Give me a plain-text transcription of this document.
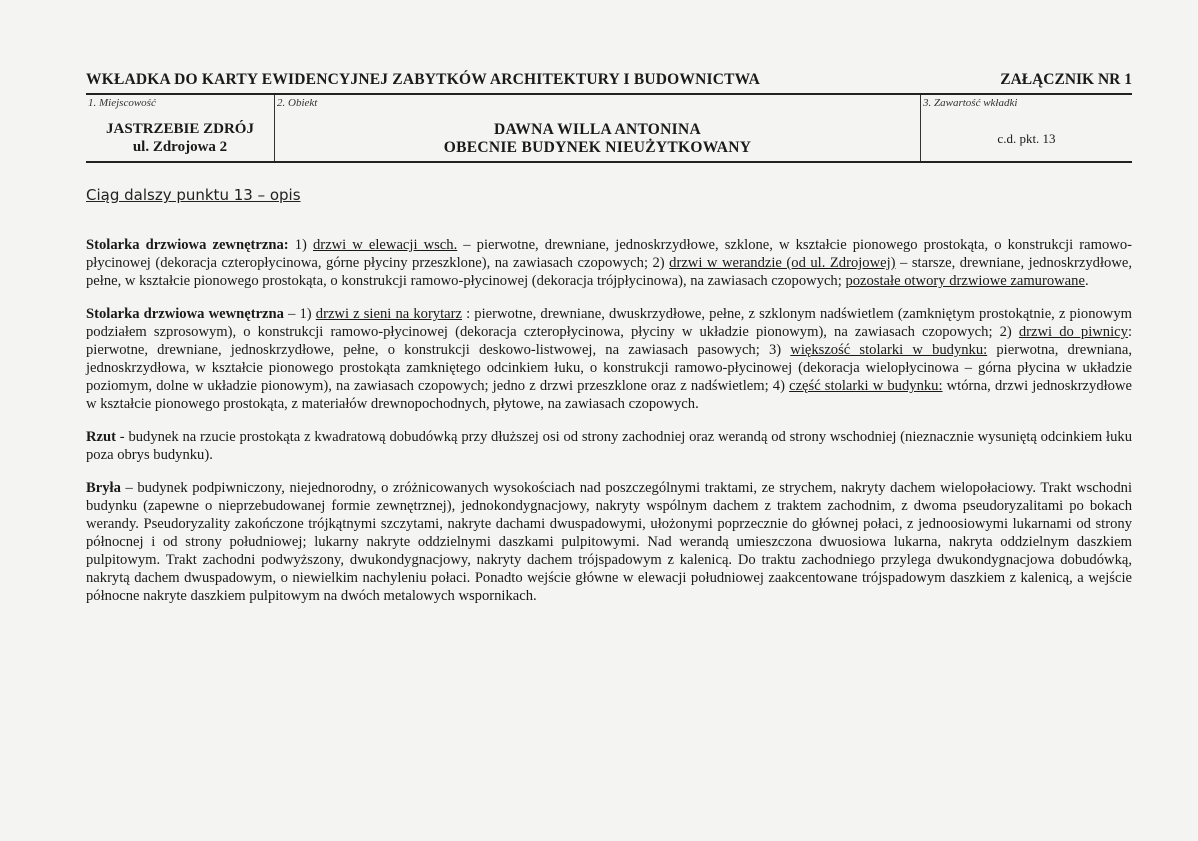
WKŁADKA DO KARTY EWIDENCYJNEJ ZABYTKÓW ARCHITEKTURY I BUDOWNICTWA	ZAŁĄCZNIK NR 1
1. Miejscowość
JASTRZEBIE ZDRÓJ
ul. Zdrojowa 2
2. Obiekt
DAWNA WILLA ANTONINA
OBECNIE BUDYNEK NIEUŻYTKOWANY
3. Zawartość wkładki
c.d. pkt. 13
Ciąg dalszy punktu 13 – opis

Stolarka drzwiowa zewnętrzna: 1) drzwi w elewacji wsch. – pierwotne, drewniane, jednoskrzydłowe, szklone, w kształcie pionowego prostokąta, o konstrukcji ramowo-płycinowej (dekoracja czteropłycinowa, górne płyciny przeszklone), na zawiasach czopowych; 2) drzwi w werandzie (od ul. Zdrojowej) – starsze, drewniane, jednoskrzydłowe, pełne, w kształcie pionowego prostokąta, o konstrukcji ramowo-płycinowej (dekoracja trójpłycinowa), na zawiasach czopowych; pozostałe otwory drzwiowe zamurowane.

Stolarka drzwiowa wewnętrzna – 1) drzwi z sieni na korytarz : pierwotne, drewniane, dwuskrzydłowe, pełne, z szklonym nadświetlem (zamkniętym prostokątnie, z pionowym podziałem szprosowym), o konstrukcji ramowo-płycinowej (dekoracja czteropłycinowa, płyciny w układzie pionowym), na zawiasach czopowych; 2) drzwi do piwnicy: pierwotne, drewniane, jednoskrzydłowe, pełne, o konstrukcji deskowo-listwowej, na zawiasach pasowych; 3) większość stolarki w budynku: pierwotna, drewniana, jednoskrzydłowa, w kształcie pionowego prostokąta zamkniętego odcinkiem łuku, o konstrukcji ramowo-płycinowej (dekoracja wielopłycinowa – górna płycina w układzie poziomym, dolne w układzie pionowym), na zawiasach czopowych; jedno z drzwi przeszklone oraz z nadświetlem; 4) część stolarki w budynku: wtórna, drzwi jednoskrzydłowe w kształcie pionowego prostokąta, z materiałów drewnopochodnych, płytowe, na zawiasach czopowych.

Rzut - budynek na rzucie prostokąta z kwadratową dobudówką przy dłuższej osi od strony zachodniej oraz werandą od strony wschodniej (nieznacznie wysuniętą odcinkiem łuku poza obrys budynku).

Bryła – budynek podpiwniczony, niejednorodny, o zróżnicowanych wysokościach nad poszczególnymi traktami, ze strychem, nakryty dachem wielopołaciowy. Trakt wschodni budynku (zapewne o nieprzebudowanej formie zewnętrznej), jednokondygnacjowy, nakryty wspólnym dachem z traktem zachodnim, z dwoma pseudoryzalitami po bokach werandy. Pseudoryzality zakończone trójkątnymi szczytami, nakryte dachami dwuspadowymi, ułożonymi poprzecznie do głównej połaci, z jednoosiowymi lukarnami od strony północnej i od strony południowej; lukarny nakryte oddzielnymi daszkami pulpitowymi. Nad werandą umieszczona dwuosiowa lukarna, nakryta oddzielnym daszkiem pulpitowym. Trakt zachodni podwyższony, dwukondygnacjowy, nakryty dachem trójspadowym z kalenicą. Do traktu zachodniego przylega dwukondygnacjowa dobudówką, nakrytą dachem dwuspadowym, o niewielkim nachyleniu połaci. Ponadto wejście główne w elewacji południowej zaakcentowane trójspadowym daszkiem z kalenicą, a wejście północne nakryte daszkiem pulpitowym na dwóch metalowych wspornikach.
